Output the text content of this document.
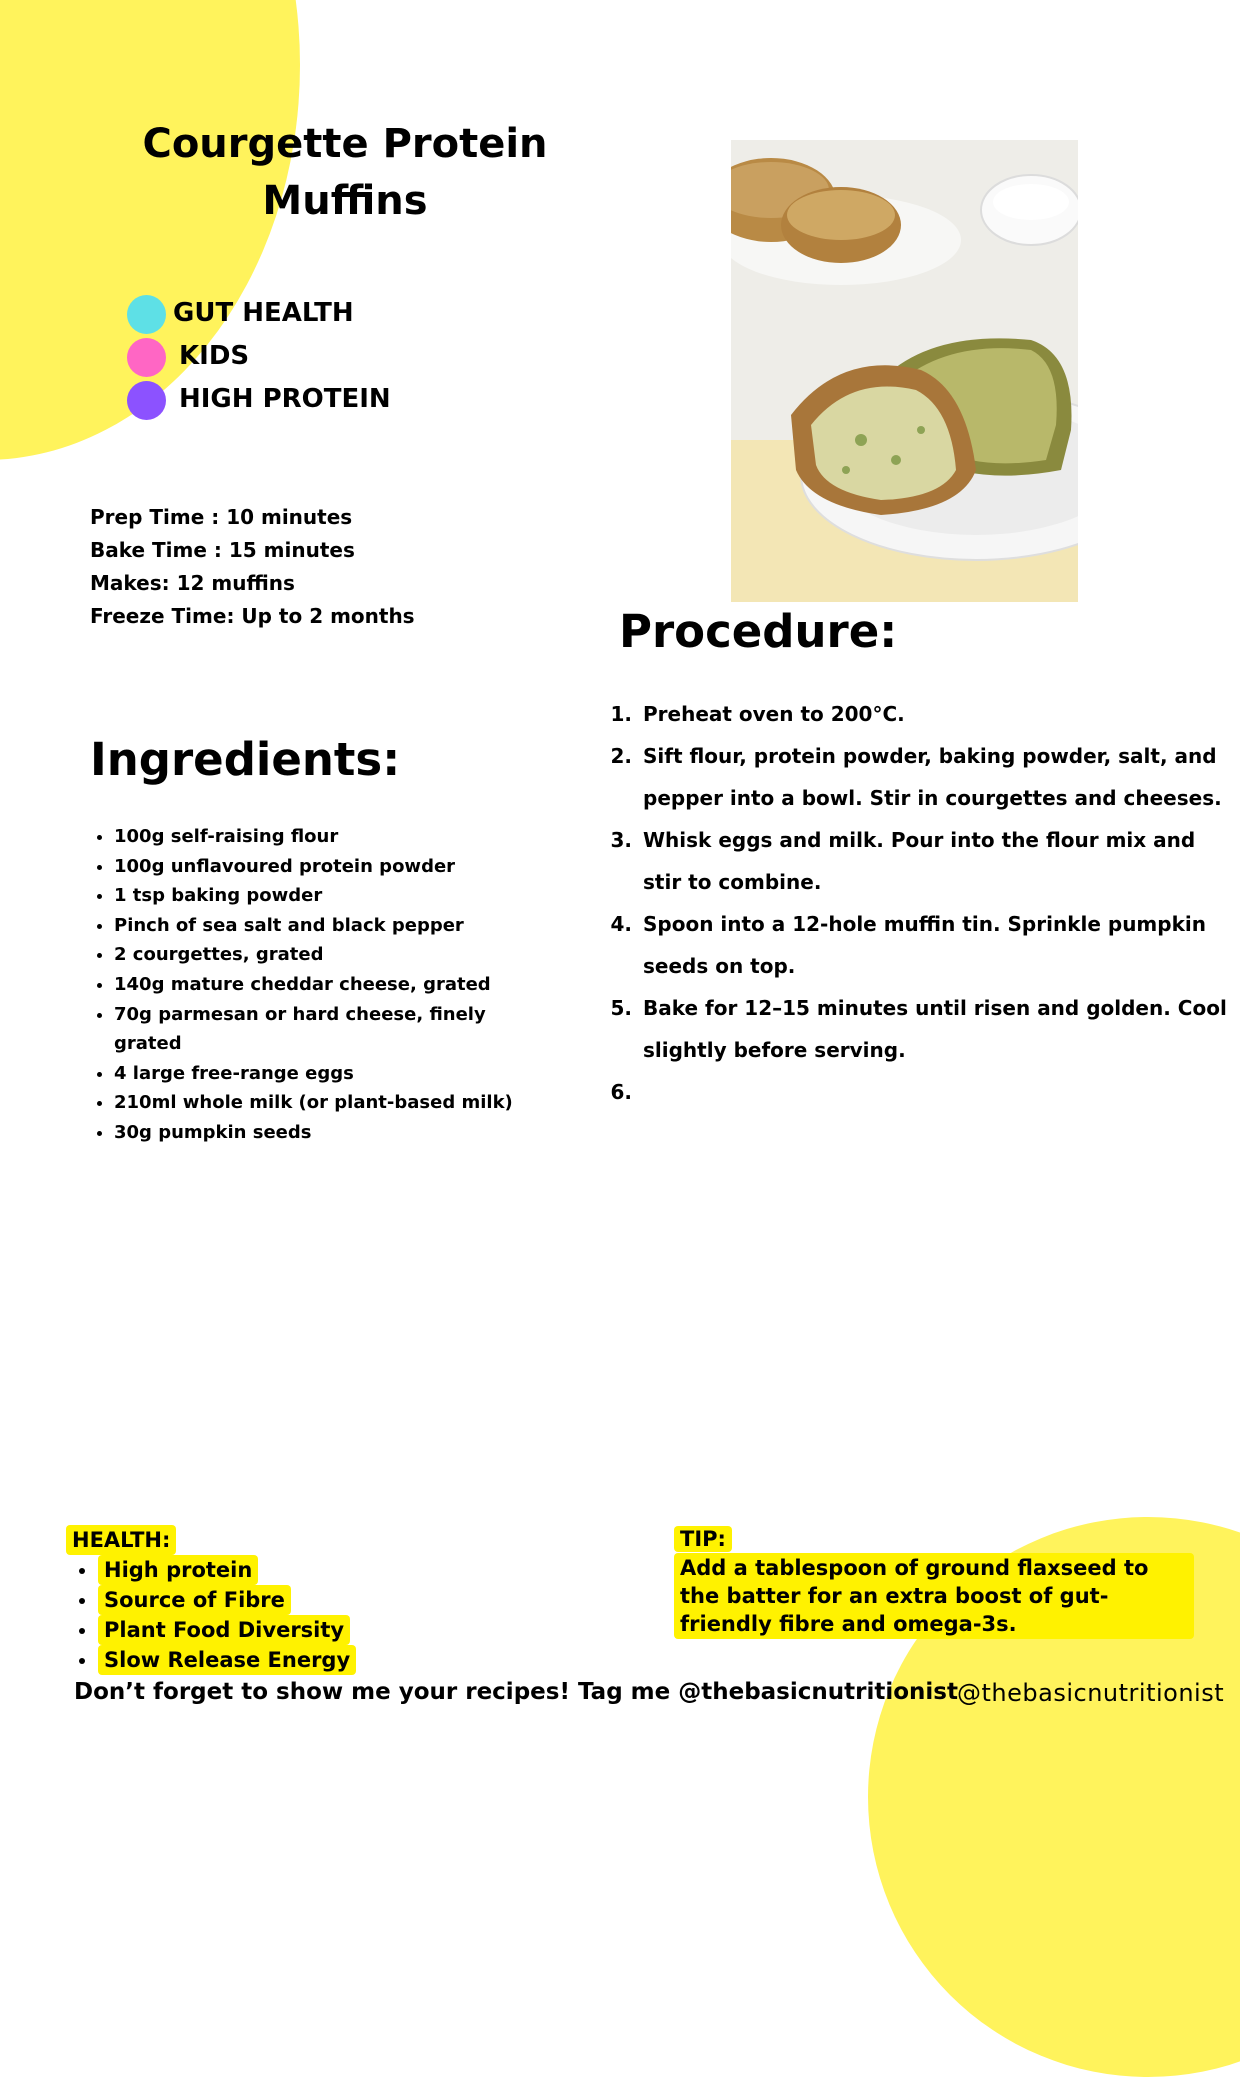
Courgette Protein Muffins
GUT HEALTH
KIDS
HIGH PROTEIN
Prep Time : 10 minutes
Bake Time : 15 minutes
Makes: 12 muffins
Freeze Time: Up to 2 months
Ingredients:
• 100g self-raising flour
• 100g unflavoured protein powder
• 1 tsp baking powder
• Pinch of sea salt and black pepper
• 2 courgettes, grated
• 140g mature cheddar cheese, grated
• 70g parmesan or hard cheese, finely grated
• 4 large free-range eggs
• 210ml whole milk (or plant-based milk)
• 30g pumpkin seeds
Procedure:
1. Preheat oven to 200°C.
2. Sift flour, protein powder, baking powder, salt, and pepper into a bowl. Stir in courgettes and cheeses.
3. Whisk eggs and milk. Pour into the flour mix and stir to combine.
4. Spoon into a 12-hole muffin tin. Sprinkle pumpkin seeds on top.
5. Bake for 12–15 minutes until risen and golden. Cool slightly before serving.
6.
HEALTH:
• High protein
• Source of Fibre
• Plant Food Diversity
• Slow Release Energy
TIP:
Add a tablespoon of ground flaxseed to the batter for an extra boost of gut-friendly fibre and omega-3s.
Don’t forget to show me your recipes! Tag me @thebasicnutritionist @thebasicnutritionist
